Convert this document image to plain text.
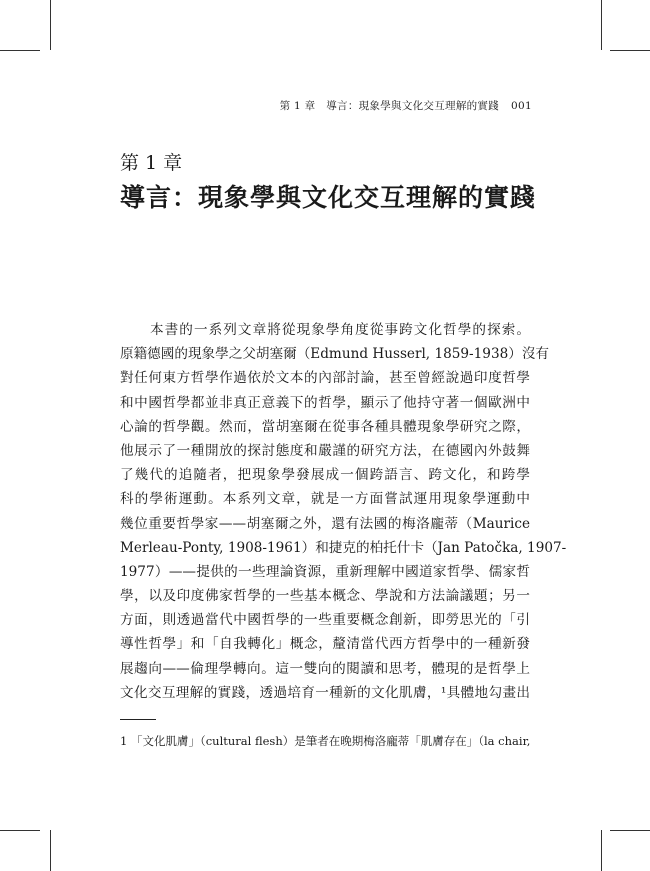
第 1 章　導言：現象學與文化交互理解的實踐 001
第 1 章
導言：現象學與文化交互理解的實踐
本書的一系列文章將從現象學角度從事跨文化哲學的探索。
原籍德國的現象學之父胡塞爾（Edmund Husserl, 1859-1938）沒有
對任何東方哲學作過依於文本的內部討論，甚至曾經說過印度哲學
和中國哲學都並非真正意義下的哲學，顯示了他持守著一個歐洲中
心論的哲學觀。然而，當胡塞爾在從事各種具體現象學研究之際，
他展示了一種開放的探討態度和嚴謹的研究方法，在德國內外鼓舞
了幾代的追隨者，把現象學發展成一個跨語言、跨文化，和跨學
科的學術運動。本系列文章，就是一方面嘗試運用現象學運動中
幾位重要哲學家——胡塞爾之外，還有法國的梅洛龐蒂（Maurice
Merleau-Ponty, 1908-1961）和捷克的柏托什卡（Jan Patočka, 1907-
1977）——提供的一些理論資源，重新理解中國道家哲學、儒家哲
學，以及印度佛家哲學的一些基本概念、學說和方法論議題；另一
方面，則透過當代中國哲學的一些重要概念創新，即勞思光的「引
導性哲學」和「自我轉化」概念，釐清當代西方哲學中的一種新發
展趨向——倫理學轉向。這一雙向的閱讀和思考，體現的是哲學上
文化交互理解的實踐，透過培育一種新的文化肌膚，¹具體地勾畫出
1 「文化肌膚」（cultural flesh）是筆者在晚期梅洛龐蒂「肌膚存在」（la chair,
